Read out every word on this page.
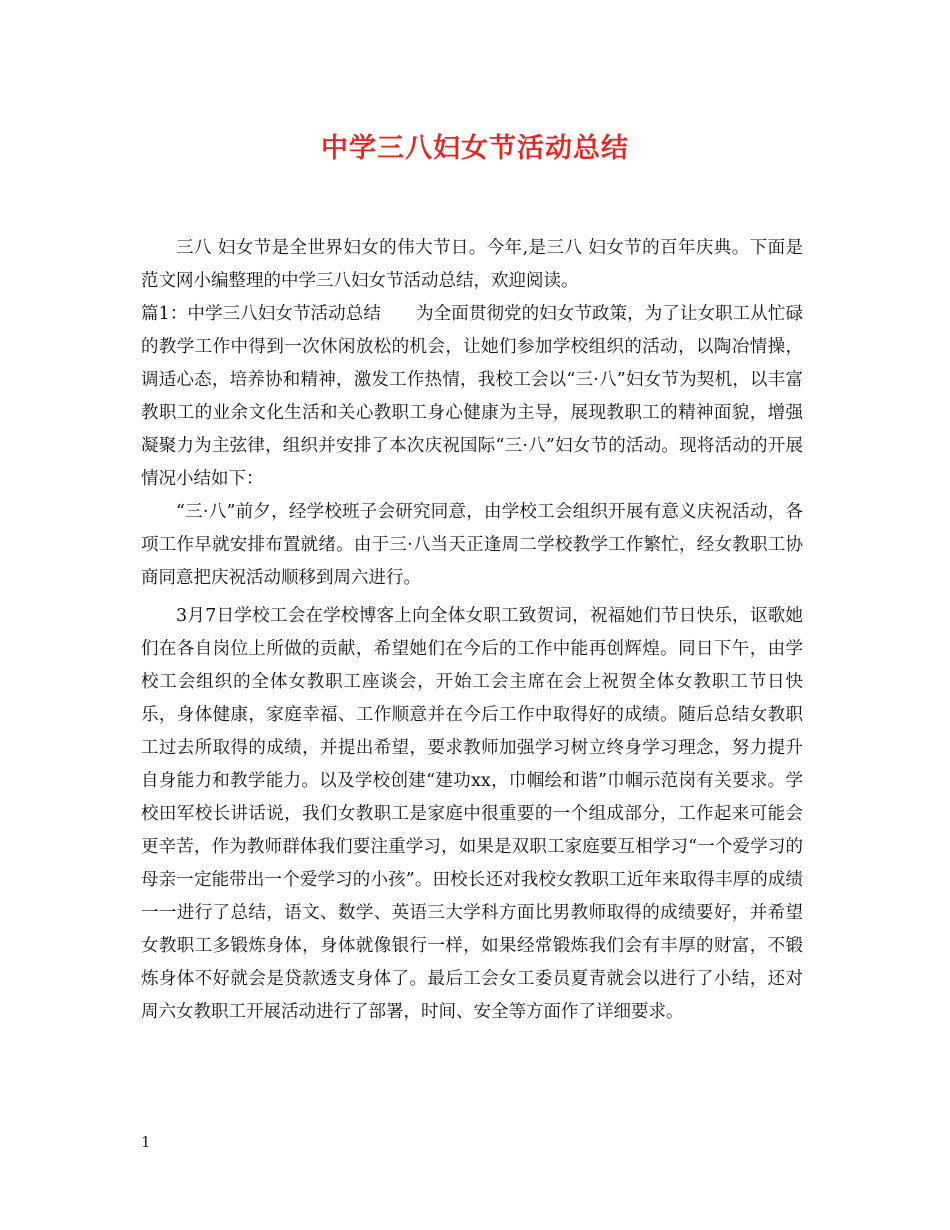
中学三八妇女节活动总结

三八 妇女节是全世界妇女的伟大节日。今年,是三八 妇女节的百年庆典。下面是范文网小编整理的中学三八妇女节活动总结，欢迎阅读。

篇1：中学三八妇女节活动总结　　为全面贯彻党的妇女节政策，为了让女职工从忙碌的教学工作中得到一次休闲放松的机会，让她们参加学校组织的活动，以陶冶情操，调适心态，培养协和精神，激发工作热情，我校工会以“三·八”妇女节为契机，以丰富教职工的业余文化生活和关心教职工身心健康为主导，展现教职工的精神面貌，增强凝聚力为主弦律，组织并安排了本次庆祝国际“三·八”妇女节的活动。现将活动的开展情况小结如下：

“三·八”前夕，经学校班子会研究同意，由学校工会组织开展有意义庆祝活动，各项工作早就安排布置就绪。由于三·八当天正逢周二学校教学工作繁忙，经女教职工协商同意把庆祝活动顺移到周六进行。

3月7日学校工会在学校博客上向全体女职工致贺词，祝福她们节日快乐，讴歌她们在各自岗位上所做的贡献，希望她们在今后的工作中能再创辉煌。同日下午，由学校工会组织的全体女教职工座谈会，开始工会主席在会上祝贺全体女教职工节日快乐，身体健康，家庭幸福、工作顺意并在今后工作中取得好的成绩。随后总结女教职工过去所取得的成绩，并提出希望，要求教师加强学习树立终身学习理念，努力提升自身能力和教学能力。以及学校创建“建功xx，巾帼绘和谐”巾帼示范岗有关要求。学校田军校长讲话说，我们女教职工是家庭中很重要的一个组成部分，工作起来可能会更辛苦，作为教师群体我们要注重学习，如果是双职工家庭要互相学习“一个爱学习的母亲一定能带出一个爱学习的小孩”。田校长还对我校女教职工近年来取得丰厚的成绩一一进行了总结，语文、数学、英语三大学科方面比男教师取得的成绩要好，并希望女教职工多锻炼身体，身体就像银行一样，如果经常锻炼我们会有丰厚的财富，不锻炼身体不好就会是贷款透支身体了。最后工会女工委员夏青就会以进行了小结，还对周六女教职工开展活动进行了部署，时间、安全等方面作了详细要求。

1
